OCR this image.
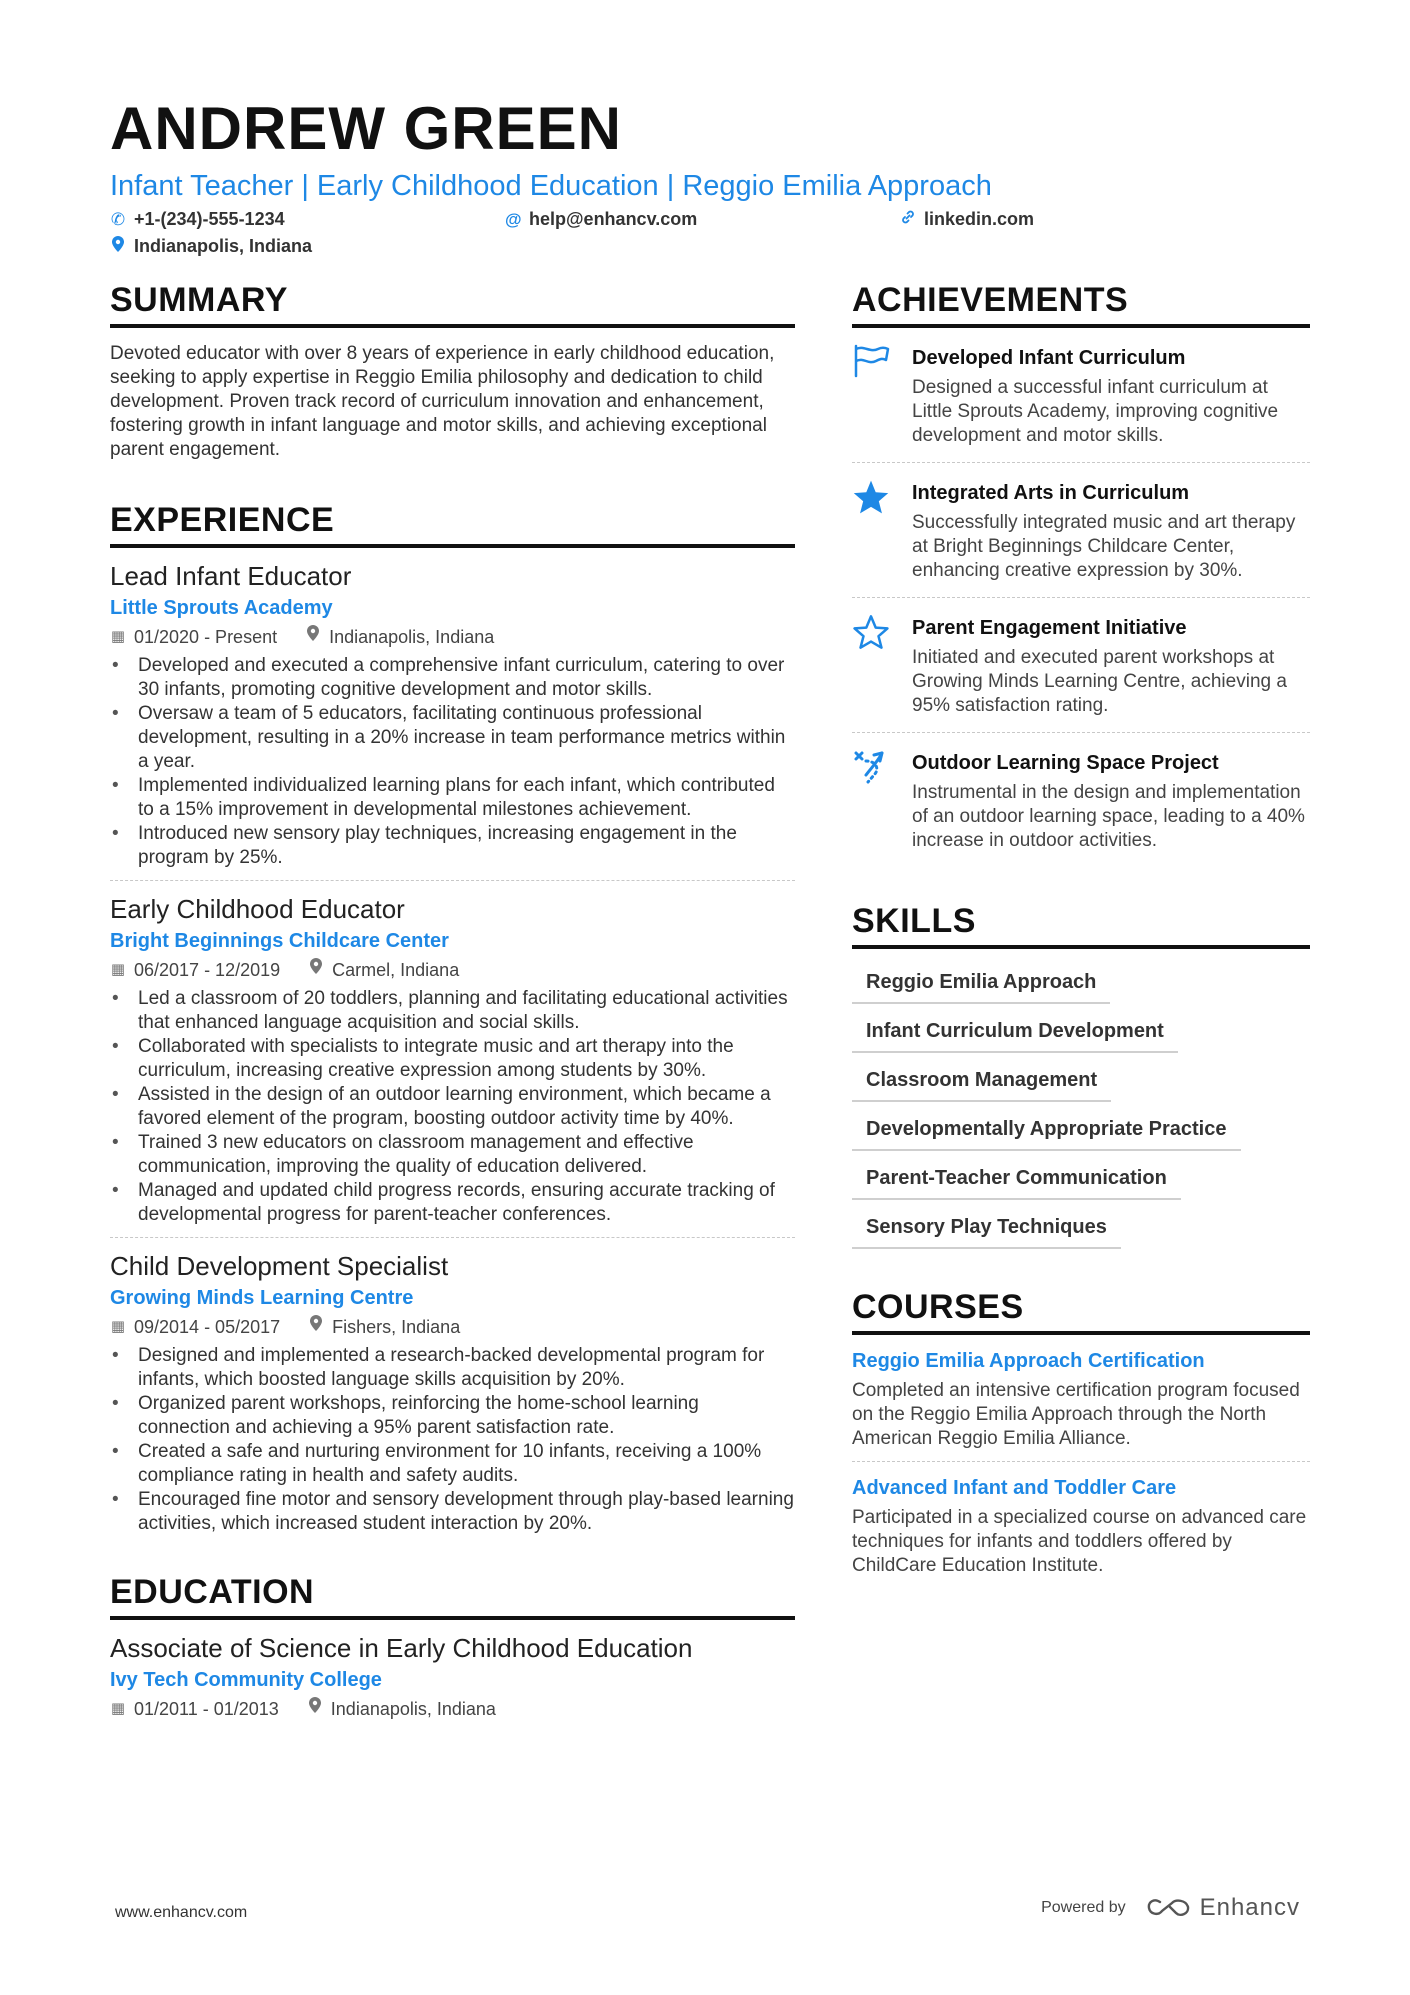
ANDREW GREEN
Infant Teacher | Early Childhood Education | Reggio Emilia Approach
✆ +1-(234)-555-1234	@ help@enhancv.com	linkedin.com
Indianapolis, Indiana
SUMMARY

Devoted educator with over 8 years of experience in early childhood education, seeking to apply expertise in Reggio Emilia philosophy and dedication to child development. Proven track record of curriculum innovation and enhancement, fostering growth in infant language and motor skills, and achieving exceptional parent engagement.

EXPERIENCE
Lead Infant Educator
Little Sprouts Academy
▦ 01/2020 - Present	Indianapolis, Indiana
• Developed and executed a comprehensive infant curriculum, catering to over 30 infants, promoting cognitive development and motor skills.
• Oversaw a team of 5 educators, facilitating continuous professional development, resulting in a 20% increase in team performance metrics within a year.
• Implemented individualized learning plans for each infant, which contributed to a 15% improvement in developmental milestones achievement.
• Introduced new sensory play techniques, increasing engagement in the program by 25%.
Early Childhood Educator
Bright Beginnings Childcare Center
▦ 06/2017 - 12/2019	Carmel, Indiana
• Led a classroom of 20 toddlers, planning and facilitating educational activities that enhanced language acquisition and social skills.
• Collaborated with specialists to integrate music and art therapy into the curriculum, increasing creative expression among students by 30%.
• Assisted in the design of an outdoor learning environment, which became a favored element of the program, boosting outdoor activity time by 40%.
• Trained 3 new educators on classroom management and effective communication, improving the quality of education delivered.
• Managed and updated child progress records, ensuring accurate tracking of developmental progress for parent-teacher conferences.
Child Development Specialist
Growing Minds Learning Centre
▦ 09/2014 - 05/2017	Fishers, Indiana
• Designed and implemented a research-backed developmental program for infants, which boosted language skills acquisition by 20%.
• Organized parent workshops, reinforcing the home-school learning connection and achieving a 95% parent satisfaction rate.
• Created a safe and nurturing environment for 10 infants, receiving a 100% compliance rating in health and safety audits.
• Encouraged fine motor and sensory development through play-based learning activities, which increased student interaction by 20%.
EDUCATION
Associate of Science in Early Childhood Education
Ivy Tech Community College
▦ 01/2011 - 01/2013	Indianapolis, Indiana
ACHIEVEMENTS
Developed Infant Curriculum
Designed a successful infant curriculum at Little Sprouts Academy, improving cognitive development and motor skills.
Integrated Arts in Curriculum
Successfully integrated music and art therapy at Bright Beginnings Childcare Center, enhancing creative expression by 30%.
Parent Engagement Initiative
Initiated and executed parent workshops at Growing Minds Learning Centre, achieving a 95% satisfaction rating.
Outdoor Learning Space Project
Instrumental in the design and implementation of an outdoor learning space, leading to a 40% increase in outdoor activities.
SKILLS
Reggio Emilia Approach
Infant Curriculum Development
Classroom Management
Developmentally Appropriate Practice
Parent-Teacher Communication
Sensory Play Techniques
COURSES
Reggio Emilia Approach Certification
Completed an intensive certification program focused on the Reggio Emilia Approach through the North American Reggio Emilia Alliance.
Advanced Infant and Toddler Care
Participated in a specialized course on advanced care techniques for infants and toddlers offered by ChildCare Education Institute.
www.enhancv.com	Powered by	Enhancv
